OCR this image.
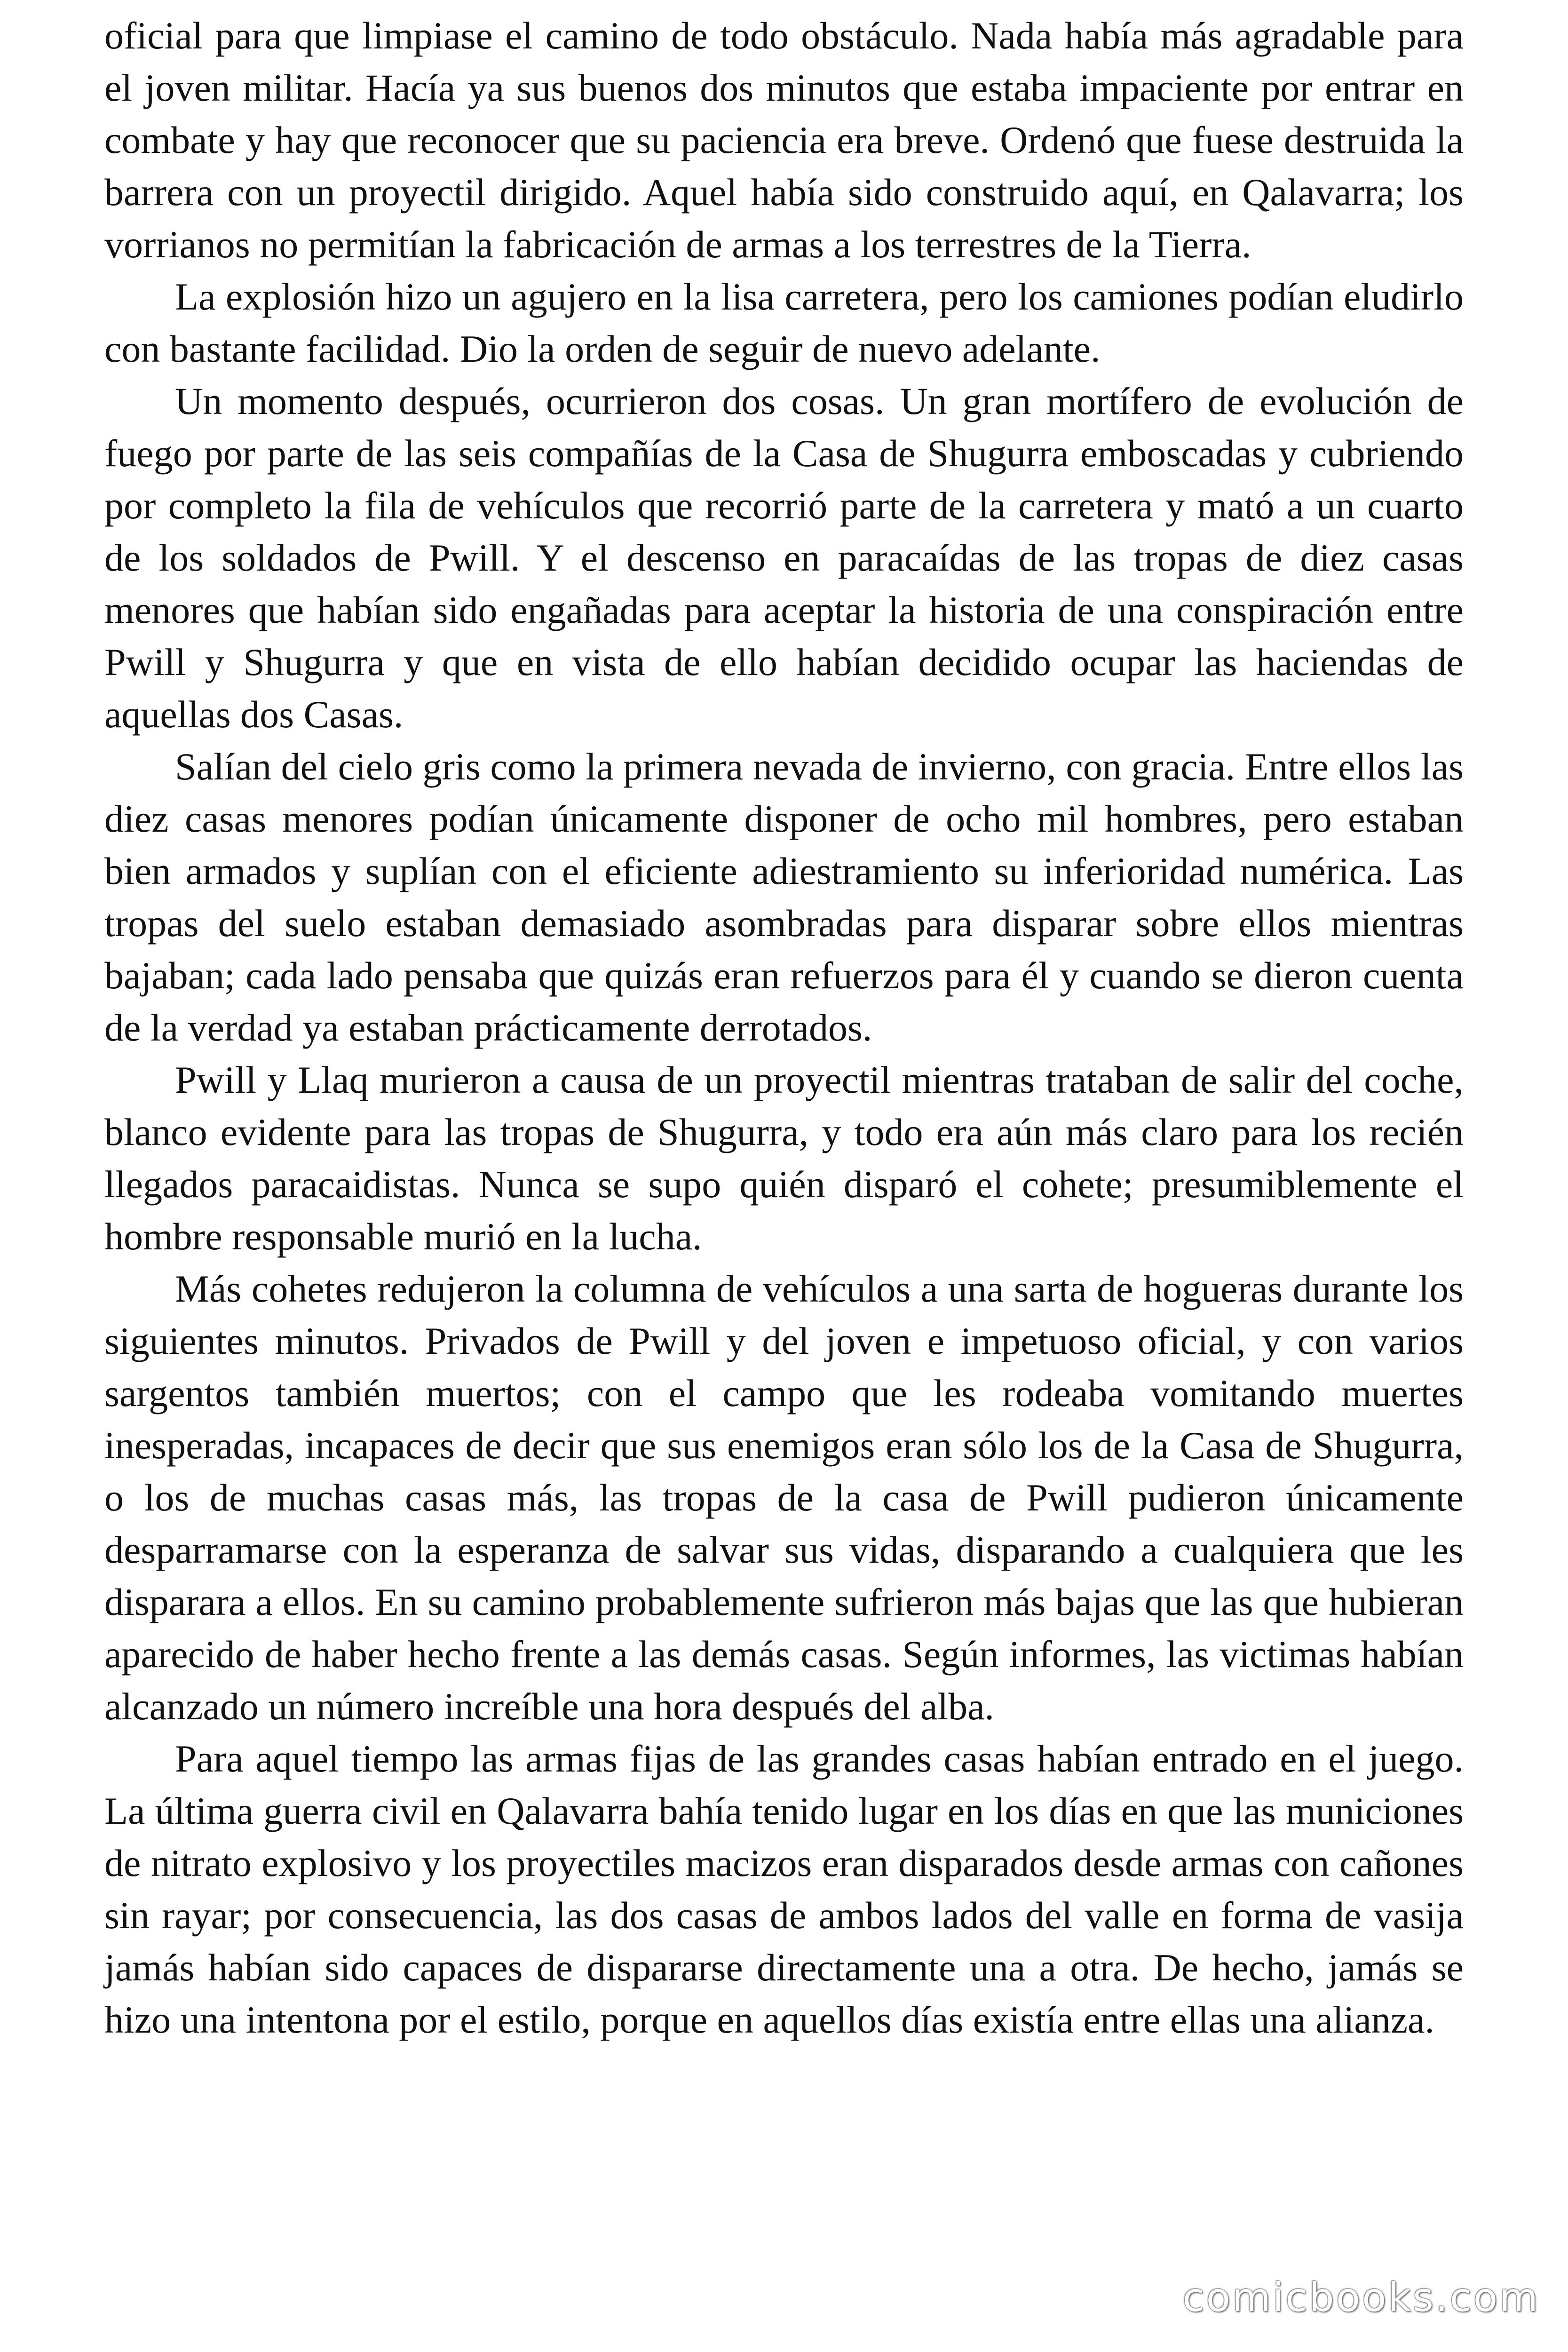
oficial para que limpiase el camino de todo obstáculo. Nada había más agradable para el joven militar. Hacía ya sus buenos dos minutos que estaba impaciente por entrar en combate y hay que reconocer que su paciencia era breve. Ordenó que fuese destruida la barrera con un proyectil dirigido. Aquel había sido construido aquí, en Qalavarra; los vorrianos no permitían la fabricación de armas a los terrestres de la Tierra.

La explosión hizo un agujero en la lisa carretera, pero los camiones podían eludirlo con bastante facilidad. Dio la orden de seguir de nuevo adelante.

Un momento después, ocurrieron dos cosas. Un gran mortífero de evolución de fuego por parte de las seis compañías de la Casa de Shugurra emboscadas y cubriendo por completo la fila de vehículos que recorrió parte de la carretera y mató a un cuarto de los soldados de Pwill. Y el descenso en paracaídas de las tropas de diez casas menores que habían sido engañadas para aceptar la historia de una conspiración entre Pwill y Shugurra y que en vista de ello habían decidido ocupar las haciendas de aquellas dos Casas.

Salían del cielo gris como la primera nevada de invierno, con gracia. Entre ellos las diez casas menores podían únicamente disponer de ocho mil hombres, pero estaban bien armados y suplían con el eficiente adiestramiento su inferioridad numérica. Las tropas del suelo estaban demasiado asombradas para disparar sobre ellos mientras bajaban; cada lado pensaba que quizás eran refuerzos para él y cuando se dieron cuenta de la verdad ya estaban prácticamente derrotados.

Pwill y Llaq murieron a causa de un proyectil mientras trataban de salir del coche, blanco evidente para las tropas de Shugurra, y todo era aún más claro para los recién llegados paracaidistas. Nunca se supo quién disparó el cohete; presumiblemente el hombre responsable murió en la lucha.

Más cohetes redujeron la columna de vehículos a una sarta de hogueras durante los siguientes minutos. Privados de Pwill y del joven e impetuoso oficial, y con varios sargentos también muertos; con el campo que les rodeaba vomitando muertes inesperadas, incapaces de decir que sus enemigos eran sólo los de la Casa de Shugurra, o los de muchas casas más, las tropas de la casa de Pwill pudieron únicamente desparramarse con la esperanza de salvar sus vidas, disparando a cualquiera que les disparara a ellos. En su camino probablemente sufrieron más bajas que las que hubieran aparecido de haber hecho frente a las demás casas. Según informes, las victimas habían alcanzado un número increíble una hora después del alba.

Para aquel tiempo las armas fijas de las grandes casas habían entrado en el juego. La última guerra civil en Qalavarra bahía tenido lugar en los días en que las municiones de nitrato explosivo y los proyectiles macizos eran disparados desde armas con cañones sin rayar; por consecuencia, las dos casas de ambos lados del valle en forma de vasija jamás habían sido capaces de dispararse directamente una a otra. De hecho, jamás se hizo una intentona por el estilo, porque en aquellos días existía entre ellas una alianza.

comicbooks.com
